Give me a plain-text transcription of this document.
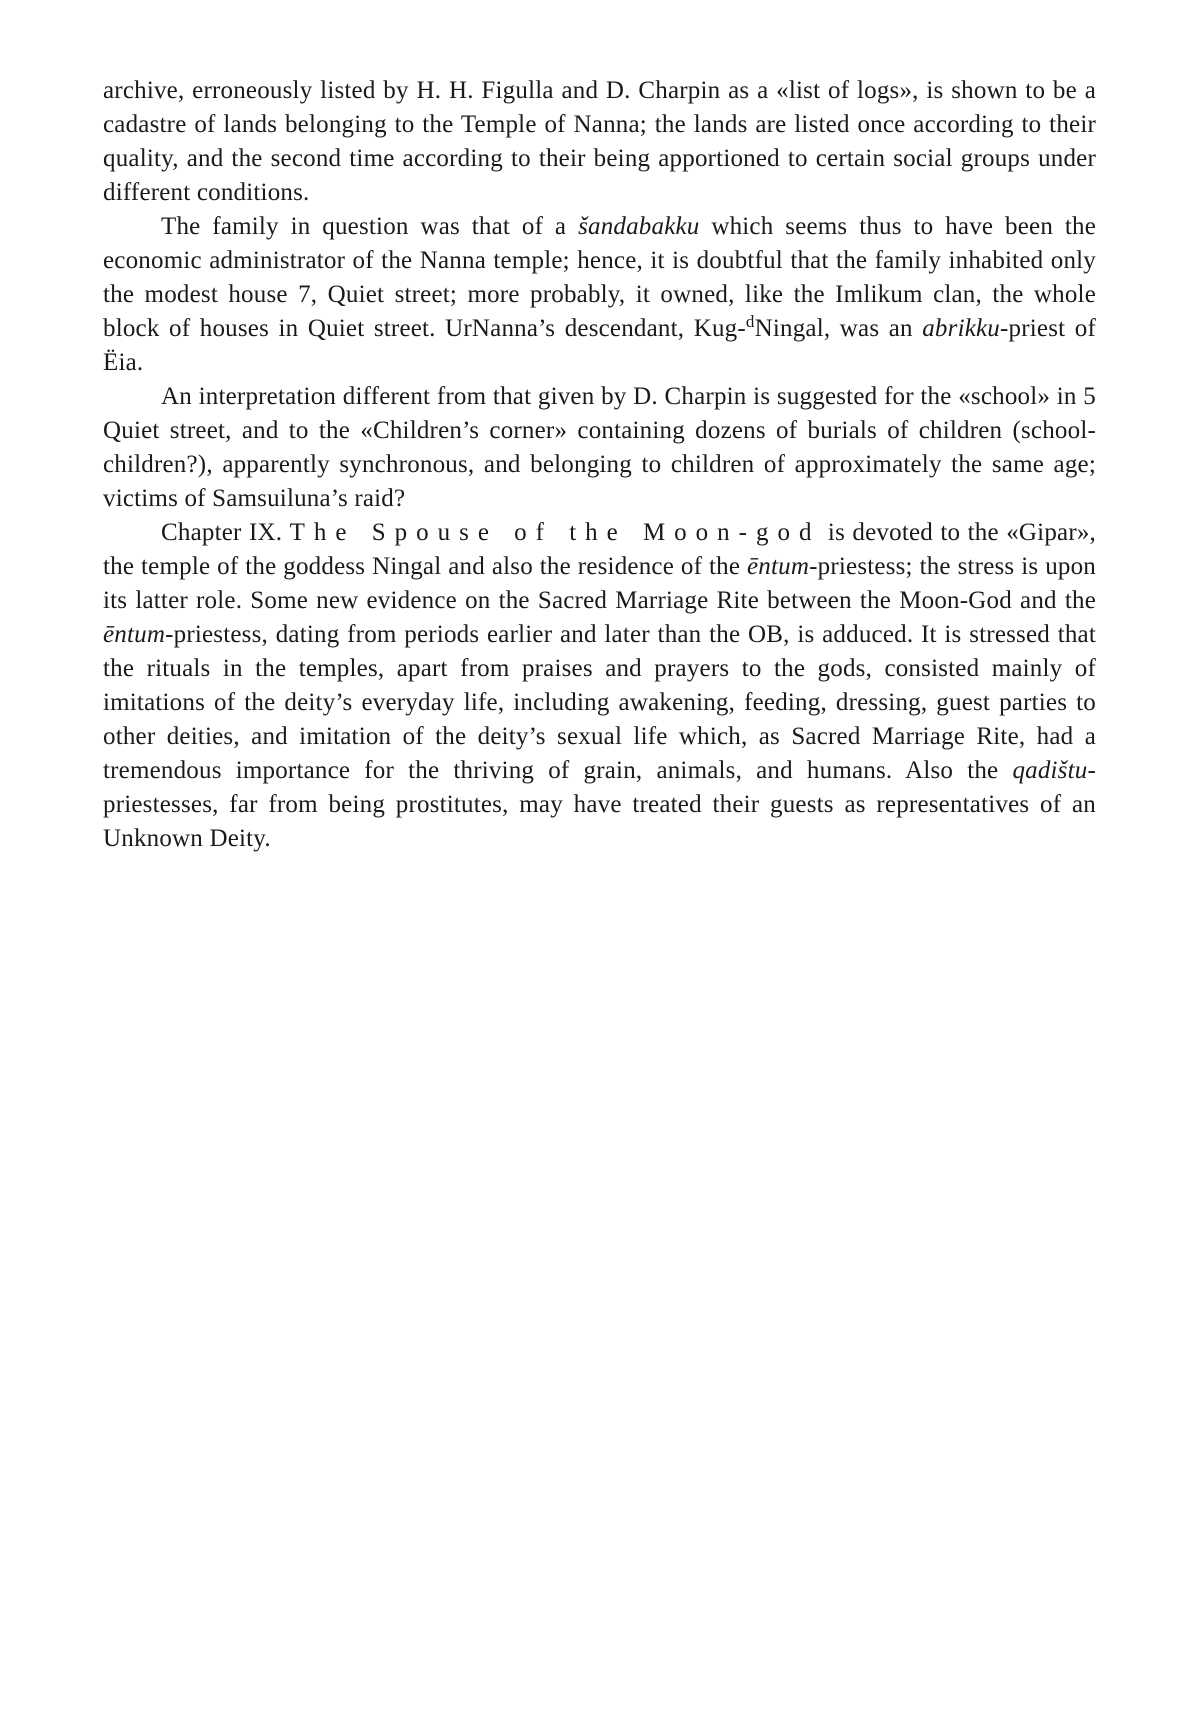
archive, erroneously listed by H. H. Figulla and D. Charpin as a «list of logs», is shown to be a cadastre of lands belonging to the Temple of Nanna; the lands are listed once according to their quality, and the second time according to their being apportioned to certain social groups under different conditions.

The family in question was that of a šandabakku which seems thus to have been the economic administrator of the Nanna temple; hence, it is doubtful that the family inhabited only the modest house 7, Quiet street; more probably, it owned, like the Imlikum clan, the whole block of houses in Quiet street. UrNanna’s descendant, Kug-$^d$Ningal, was an abrikku-priest of Ëia.

An interpretation different from that given by D. Charpin is suggested for the «school» in 5 Quiet street, and to the «Children’s corner» containing dozens of burials of children (school-children?), apparently synchronous, and belonging to children of approximately the same age; victims of Samsuiluna’s raid?

Chapter IX. The Spouse of the Moon-god is devoted to the «Gipar», the temple of the goddess Ningal and also the residence of the ēntum-priestess; the stress is upon its latter role. Some new evidence on the Sacred Marriage Rite between the Moon-God and the ēntum-priestess, dating from periods earlier and later than the OB, is adduced. It is stressed that the rituals in the temples, apart from praises and prayers to the gods, consisted mainly of imitations of the deity’s everyday life, including awakening, feeding, dressing, guest parties to other deities, and imitation of the deity’s sexual life which, as Sacred Marriage Rite, had a tremendous importance for the thriving of grain, animals, and humans. Also the qadištu-priestesses, far from being prostitutes, may have treated their guests as representatives of an Unknown Deity.
